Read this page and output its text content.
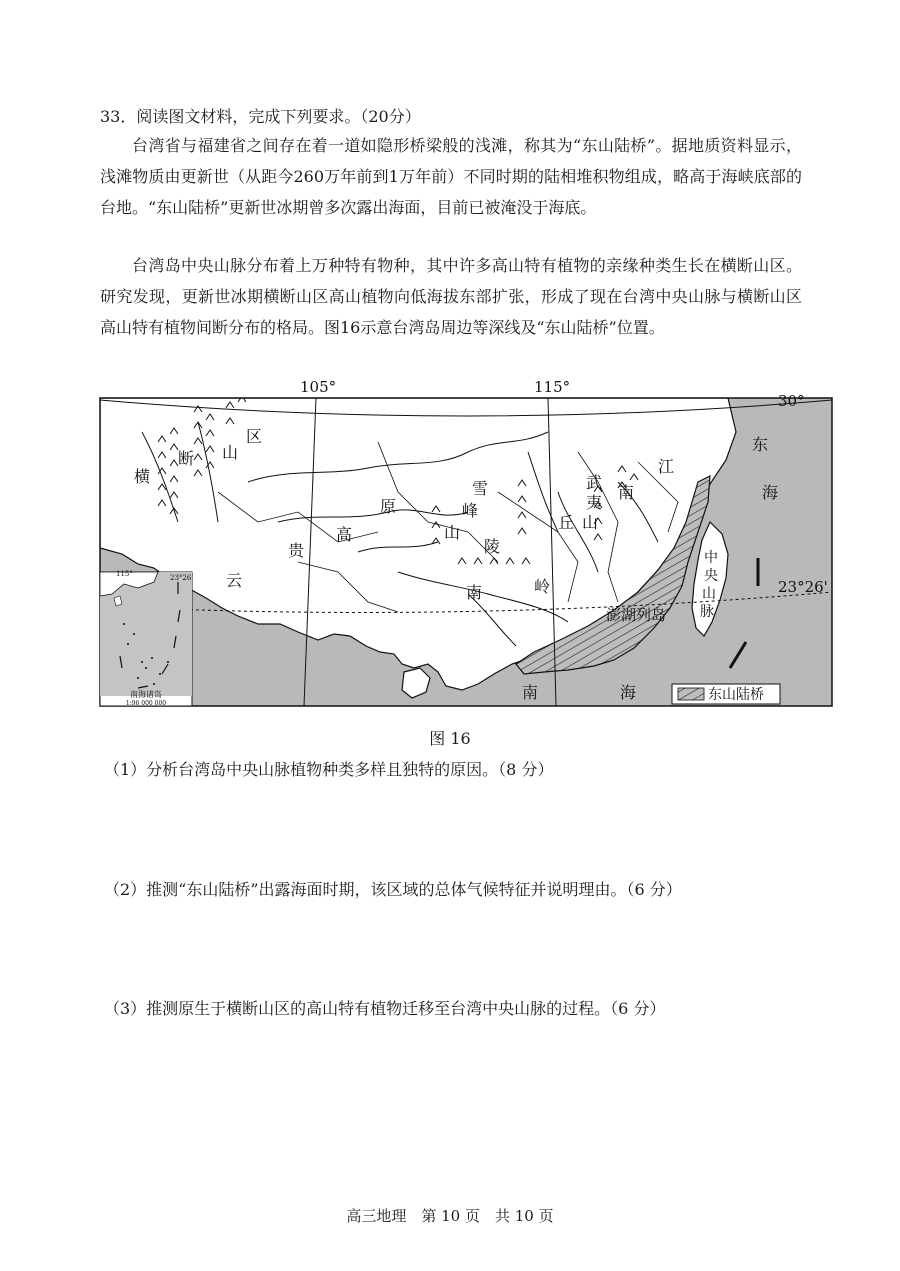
33．阅读图文材料，完成下列要求。（20分）

台湾省与福建省之间存在着一道如隐形桥梁般的浅滩，称其为“东山陆桥”。据地质资料显示，浅滩物质由更新世（从距今260万年前到1万年前）不同时期的陆相堆积物组成，略高于海峡底部的台地。“东山陆桥”更新世冰期曾多次露出海面，目前已被淹没于海底。

台湾岛中央山脉分布着上万种特有物种，其中许多高山特有植物的亲缘种类生长在横断山区。研究发现，更新世冰期横断山区高山植物向低海拔东部扩张，形成了现在台湾中央山脉与横断山区高山特有植物间断分布的格局。图16示意台湾岛周边等深线及“东山陆桥”位置。

105°	115°
30°
23°26'
横
断 山
区
云
贵
高
原
雪
峰
山
南	岭
江
南
丘
陵
武
夷
山
东
海
南	海
中
央
山
脉
澎湖列岛
115°	23°26'
南海诸岛
1:96 000 000
东山陆桥
图 16
（1）分析台湾岛中央山脉植物种类多样且独特的原因。（8 分）
（2）推测“东山陆桥”出露海面时期，该区域的总体气候特征并说明理由。（6 分）
（3）推测原生于横断山区的高山特有植物迁移至台湾中央山脉的过程。（6 分）
高三地理　第 10 页　共 10 页
